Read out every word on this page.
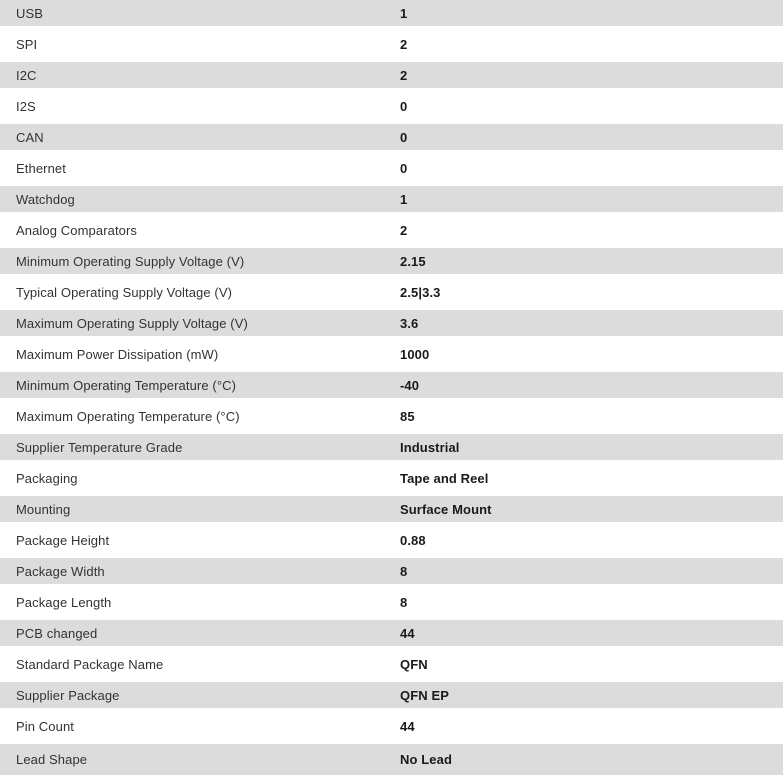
USB	1
SPI	2
I2C	2
I2S	0
CAN	0
Ethernet	0
Watchdog	1
Analog Comparators	2
Minimum Operating Supply Voltage (V)	2.15
Typical Operating Supply Voltage (V)	2.5|3.3
Maximum Operating Supply Voltage (V)	3.6
Maximum Power Dissipation (mW)	1000
Minimum Operating Temperature (°C)	-40
Maximum Operating Temperature (°C)	85
Supplier Temperature Grade	Industrial
Packaging	Tape and Reel
Mounting	Surface Mount
Package Height	0.88
Package Width	8
Package Length	8
PCB changed	44
Standard Package Name	QFN
Supplier Package	QFN EP
Pin Count	44
Lead Shape	No Lead
